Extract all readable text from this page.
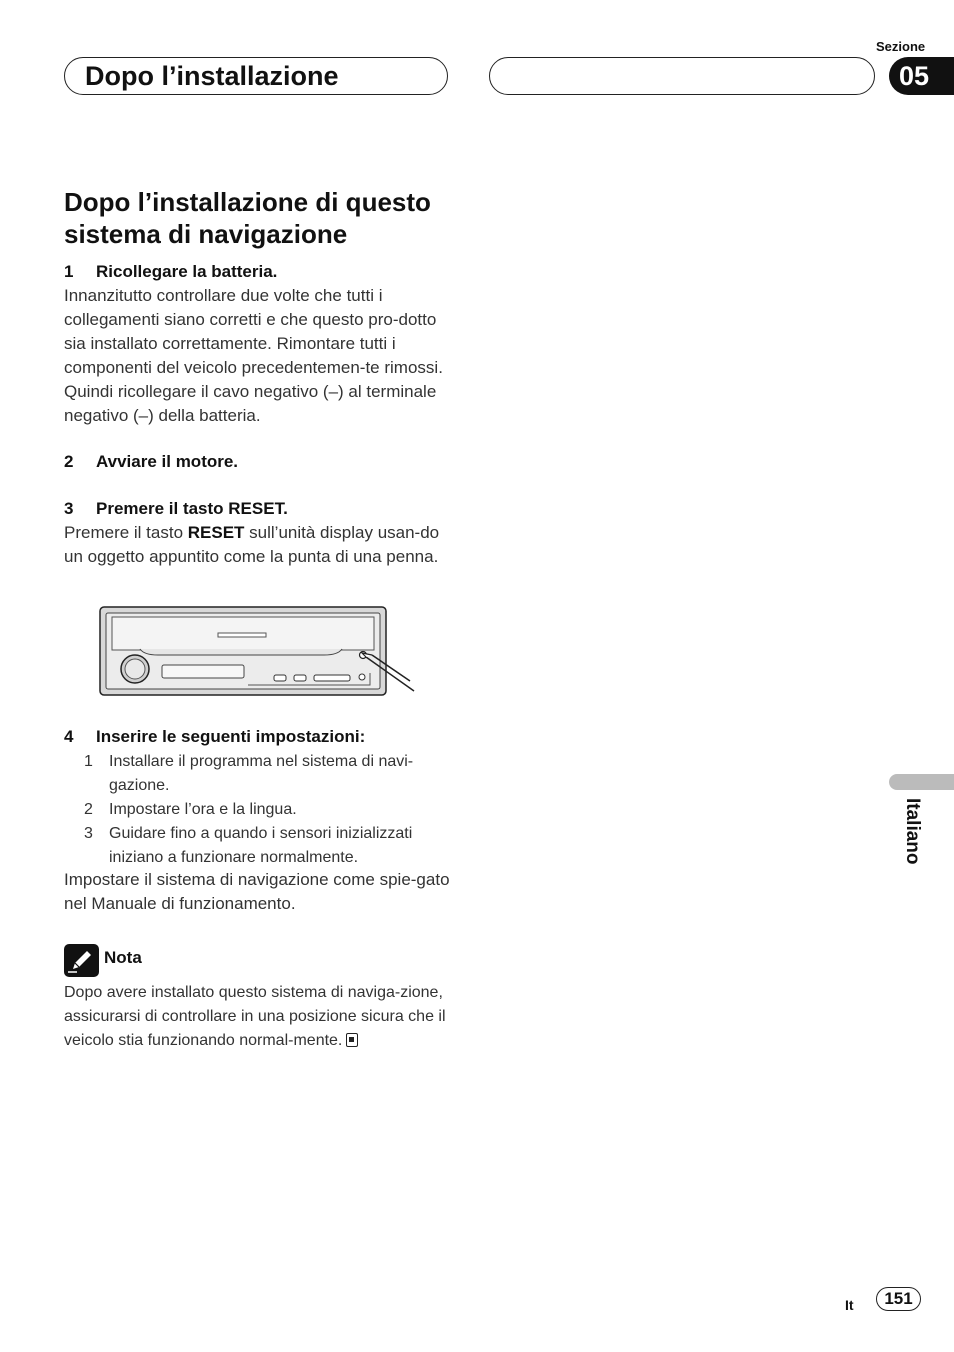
Sezione
Dopo l’installazione	05
Dopo l’installazione di questo sistema di navigazione
1 Ricollegare la batteria.
Innanzitutto controllare due volte che tutti i collegamenti siano corretti e che questo pro-dotto sia installato correttamente. Rimontare tutti i componenti del veicolo precedentemen-te rimossi. Quindi ricollegare il cavo negativo (–) al terminale negativo (–) della batteria.
2 Avviare il motore.
3 Premere il tasto RESET.
Premere il tasto RESET sull’unità display usan-do un oggetto appuntito come la punta di una penna.
4 Inserire le seguenti impostazioni:
1 Installare il programma nel sistema di navi-gazione.
2 Impostare l’ora e la lingua.
3 Guidare fino a quando i sensori inizializzati iniziano a funzionare normalmente.
Impostare il sistema di navigazione come spie-gato nel Manuale di funzionamento.
Nota
Dopo avere installato questo sistema di naviga-zione, assicurarsi di controllare in una posizione sicura che il veicolo stia funzionando normal-mente.
Italiano
It	151
